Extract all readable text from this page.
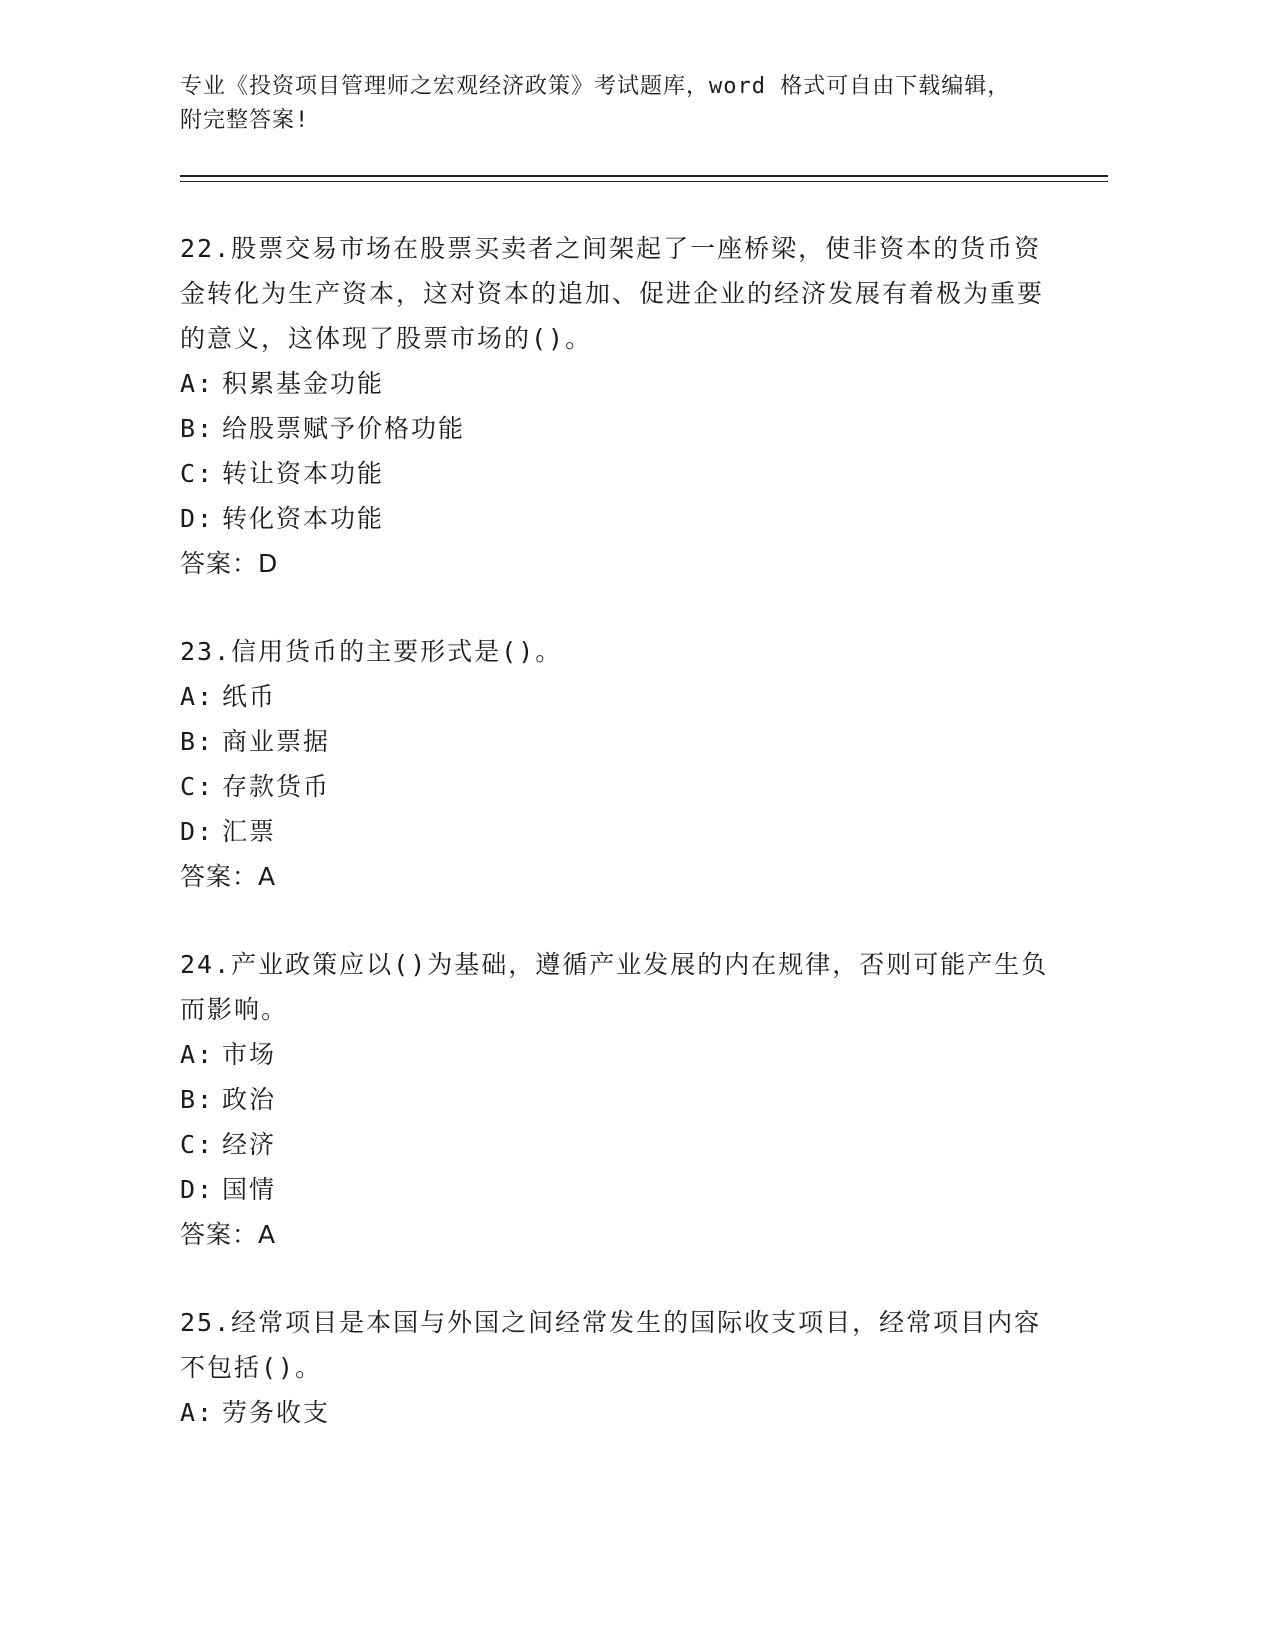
专业《投资项目管理师之宏观经济政策》考试题库，word 格式可自由下载编辑，
附完整答案!
22.股票交易市场在股票买卖者之间架起了一座桥梁，使非资本的货币资金转化为生产资本，这对资本的追加、促进企业的经济发展有着极为重要的意义，这体现了股票市场的()。
A: 积累基金功能
B: 给股票赋予价格功能
C: 转让资本功能
D: 转化资本功能
答案：D
23.信用货币的主要形式是()。
A: 纸币
B: 商业票据
C: 存款货币
D: 汇票
答案：A
24.产业政策应以()为基础，遵循产业发展的内在规律，否则可能产生负而影响。
A: 市场
B: 政治
C: 经济
D: 国情
答案：A
25.经常项目是本国与外国之间经常发生的国际收支项目，经常项目内容不包括()。
A: 劳务收支
